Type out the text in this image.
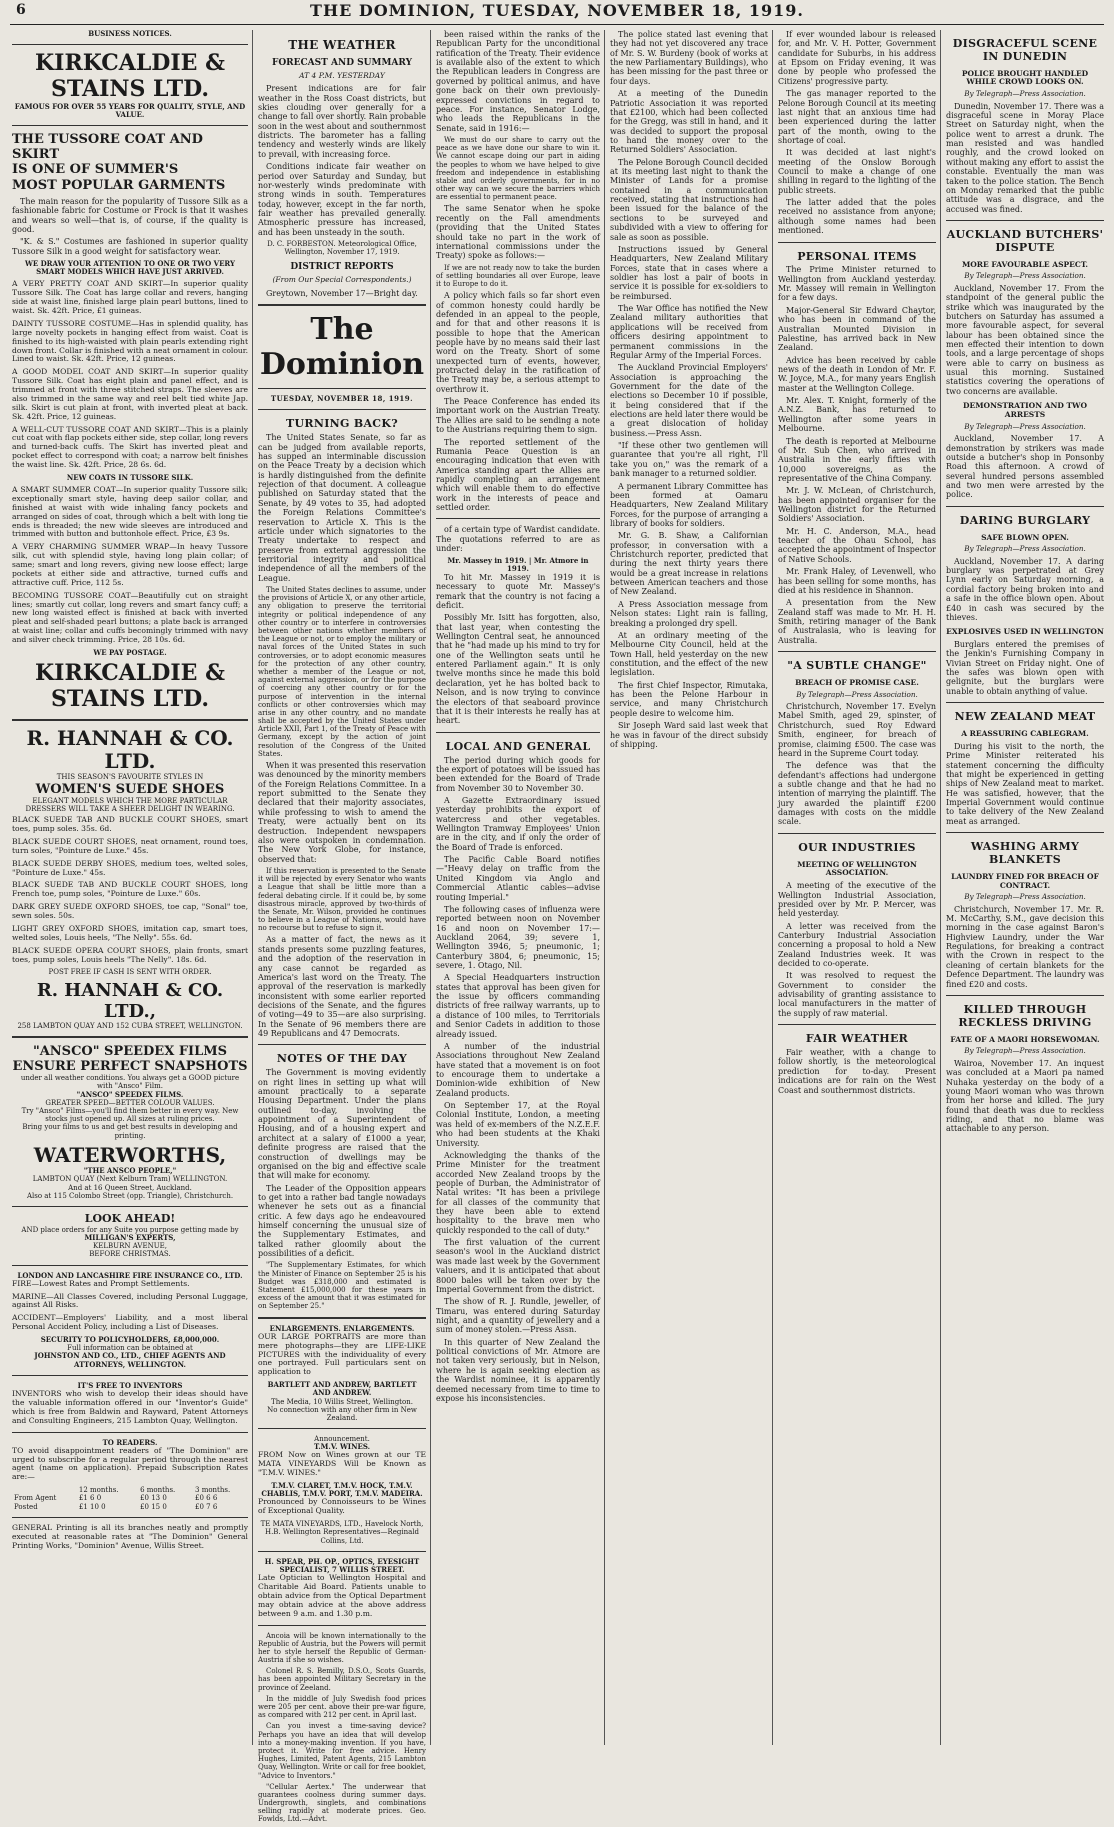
6	THE DOMINION, TUESDAY, NOVEMBER 18, 1919.
BUSINESS NOTICES.
KIRKCALDIE & STAINS LTD.
FAMOUS FOR OVER 55 YEARS FOR QUALITY, STYLE, AND VALUE.
THE TUSSORE COAT AND SKIRT
IS ONE OF SUMMER'S
MOST POPULAR GARMENTS

The main reason for the popularity of Tussore Silk as a fashionable fabric for Costume or Frock is that it washes and wears so well—that is, of course, if the quality is good.

"K. & S." Costumes are fashioned in superior quality Tussore Silk in a good weight for satisfactory wear.

WE DRAW YOUR ATTENTION TO ONE OR TWO VERY SMART MODELS WHICH HAVE JUST ARRIVED.
A VERY PRETTY COAT AND SKIRT—In superior quality Tussore Silk. The Coat has large collar and revers, hanging side at waist line, finished large plain pearl buttons, lined to waist. Sk. 42ft. Price, £1 guineas.
DAINTY TUSSORE COSTUME—Has in splendid quality, has large novelty pockets in hanging effect from waist. Coat is finished to its high-waisted with plain pearls extending right down front. Collar is finished with a neat ornament in colour. Lined to waist. Sk. 42ft. Price, 12 guineas.
A GOOD MODEL COAT AND SKIRT—In superior quality Tussore Silk. Coat has eight plain and panel effect, and is trimmed at front with three stitched straps. The sleeves are also trimmed in the same way and reel belt tied white Jap. silk. Skirt is cut plain at front, with inverted pleat at back. Sk. 42ft. Price, 12 guineas.
A WELL-CUT TUSSORE COAT AND SKIRT—This is a plainly cut coat with flap pockets either side, step collar, long revers and turned-back cuffs. The Skirt has inverted pleat and pocket effect to correspond with coat; a narrow belt finishes the waist line. Sk. 42ft. Price, 28 6s. 6d.
NEW COATS IN TUSSORE SILK.
A SMART SUMMER COAT—In superior quality Tussore silk; exceptionally smart style, having deep sailor collar, and finished at waist with wide inhaling fancy pockets and arranged on sides of coat, through which a belt with long tie ends is threaded; the new wide sleeves are introduced and trimmed with button and buttonhole effect. Price, £3 9s.
A VERY CHARMING SUMMER WRAP—In heavy Tussore silk, cut with splendid style, having long plain collar; of same; smart and long revers, giving new loose effect; large pockets at either side and attractive, turned cuffs and attractive cuff. Price, 112 5s.
BECOMING TUSSORE COAT—Beautifully cut on straight lines; smartly cut collar, long revers and smart fancy cuff; a new long waisted effect is finished at back with inverted pleat and self-shaded pearl buttons; a plate back is arranged at waist line; collar and cuffs becomingly trimmed with navy and silver check trimming. Price, 28 10s. 6d.
WE PAY POSTAGE.
KIRKCALDIE & STAINS LTD.
R. HANNAH & CO. LTD.
THIS SEASON'S FAVOURITE STYLES IN
WOMEN'S SUEDE SHOES
ELEGANT MODELS WHICH THE MORE PARTICULAR DRESSERS WILL TAKE A SHEER DELIGHT IN WEARING.
BLACK SUEDE TAB AND BUCKLE COURT SHOES, smart toes, pump soles. 35s. 6d.
BLACK SUEDE COURT SHOES, neat ornament, round toes, turn soles, "Pointure de Luxe." 45s.
BLACK SUEDE DERBY SHOES, medium toes, welted soles, "Pointure de Luxe." 45s.
BLACK SUEDE TAB AND BUCKLE COURT SHOES, long French toe, pump soles, "Pointure de Luxe." 60s.
DARK GREY SUEDE OXFORD SHOES, toe cap, "Sonal" toe, sewn soles. 50s.
LIGHT GREY OXFORD SHOES, imitation cap, smart toes, welted soles, Louis heels, "The Nelly". 55s. 6d.
BLACK SUEDE OPERA COURT SHOES, plain fronts, smart toes, pump soles, Louis heels "The Nelly". 18s. 6d.
POST FREE IF CASH IS SENT WITH ORDER.
R. HANNAH & CO. LTD.,
258 LAMBTON QUAY AND 152 CUBA STREET, WELLINGTON.
"ANSCO" SPEEDEX FILMS
ENSURE PERFECT SNAPSHOTS
under all weather conditions. You always get a GOOD picture with "Ansco" Film.
"ANSCO" SPEEDEX FILMS.
GREATER SPEED—BETTER COLOUR VALUES.
Try "Ansco" Films—you'll find them better in every way. New stocks just opened up. All sizes at ruling prices.
Bring your films to us and get best results in developing and printing.
WATERWORTHS,
"THE ANSCO PEOPLE,"
LAMBTON QUAY (Next Kelburn Tram) WELLINGTON.
And at 16 Queen Street, Auckland.
Also at 115 Colombo Street (opp. Triangle), Christchurch.
LOOK AHEAD!
AND place orders for any Suite you purpose getting made by
MILLIGAN'S EXPERTS,
KELBURN AVENUE,
BEFORE CHRISTMAS.
LONDON AND LANCASHIRE FIRE INSURANCE CO., LTD.
FIRE—Lowest Rates and Prompt Settlements.
MARINE—All Classes Covered, including Personal Luggage, against All Risks.
ACCIDENT—Employers' Liability, and a most liberal Personal Accident Policy, including a List of Diseases.
SECURITY TO POLICYHOLDERS, £8,000,000.
Full information can be obtained at
JOHNSTON AND CO., LTD., CHIEF AGENTS AND ATTORNEYS, WELLINGTON.
IT'S FREE TO INVENTORS
INVENTORS who wish to develop their ideas should have the valuable information offered in our "Inventor's Guide" which is free from Baldwin and Rayward, Patent Attorneys and Consulting Engineers, 215 Lambton Quay, Wellington.
TO READERS.
TO avoid disappointment readers of "The Dominion" are urged to subscribe for a regular period through the nearest agent (name on application). Prepaid Subscription Rates are:—
	12 months.	6 months.	3 months.
From Agent	£1 6 0	£0 13 0	£0 6 6
Posted	£1 10 0	£0 15 0	£0 7 6
GENERAL Printing is all its branches neatly and promptly executed at reasonable rates at "The Dominion" General Printing Works, "Dominion" Avenue, Willis Street.
THE WEATHER
FORECAST AND SUMMARY
AT 4 P.M. YESTERDAY

Present indications are for fair weather in the Ross Coast districts, but skies clouding over generally for a change to fall over shortly. Rain probable soon in the west about and southernmost districts. The barometer has a falling tendency and westerly winds are likely to prevail, with increasing force.

Conditions indicate fair weather on period over Saturday and Sunday, but nor-westerly winds predominate with strong winds in south. Temperatures today, however, except in the far north, fair weather has prevailed generally. Atmospheric pressure has increased, and has been unsteady in the south.

D. C. FORBESTON. Meteorological Office, Wellington, November 17, 1919.
DISTRICT REPORTS
(From Our Special Correspondents.)

Greytown, November 17—Bright day.

The Dominion
TUESDAY, NOVEMBER 18, 1919.
TURNING BACK?

The United States Senate, so far as can be judged from available reports, has supped an interminable discussion on the Peace Treaty by a decision which is hardly distinguished from the definite rejection of that document. A colleague published on Saturday stated that the Senate, by 49 votes to 35, had adopted the Foreign Relations Committee's reservation to Article X. This is the article under which signatories to the Treaty undertake to respect and preserve from external aggression the territorial integrity and political independence of all the members of the League.

The United States declines to assume, under the provisions of Article X, or any other article, any obligation to preserve the territorial integrity or political independence of any other country or to interfere in controversies between other nations whether members of the League or not, or to employ the military or naval forces of the United States in such controversies, or to adopt economic measures for the protection of any other country, whether a member of the League or not, against external aggression, or for the purpose of coercing any other country or for the purpose of intervention in the internal conflicts or other controversies which may arise in any other country, and no mandate shall be accepted by the United States under Article XXII, Part 1, of the Treaty of Peace with Germany, except by the action of joint resolution of the Congress of the United States.

When it was presented this reservation was denounced by the minority members of the Foreign Relations Committee. In a report submitted to the Senate they declared that their majority associates, while professing to wish to amend the Treaty, were actually bent on its destruction. Independent newspapers also were outspoken in condemnation. The New York Globe, for instance, observed that:

If this reservation is presented to the Senate it will be rejected by every Senator who wants a League that shall be little more than a federal debating circle. If it could be, by some disastrous miracle, approved by two-thirds of the Senate, Mr. Wilson, provided he continues to believe in a League of Nations, would have no recourse but to refuse to sign it.

As a matter of fact, the news as it stands presents some puzzling features, and the adoption of the reservation in any case cannot be regarded as America's last word on the Treaty. The approval of the reservation is markedly inconsistent with some earlier reported decisions of the Senate, and the figures of voting—49 to 35—are also surprising. In the Senate of 96 members there are 49 Republicans and 47 Democrats.

NOTES OF THE DAY

The Government is moving evidently on right lines in setting up what will amount practically to a separate Housing Department. Under the plans outlined to-day, involving the appointment of a Superintendent of Housing, and of a housing expert and architect at a salary of £1000 a year, definite progress are raised that the construction of dwellings may be organised on the big and effective scale that will make for economy.

The Leader of the Opposition appears to get into a rather bad tangle nowadays whenever he sets out as a financial critic. A few days ago he endeavoured himself concerning the unusual size of the Supplementary Estimates, and talked rather gloomily about the possibilities of a deficit.

"The Supplementary Estimates, for which the Minister of Finance on September 25 is his Budget was £318,000 and estimated is Statement £15,000,000 for these years in excess of the amount that it was estimated for on September 25."

ENLARGEMENTS. ENLARGEMENTS.
OUR LARGE PORTRAITS are more than mere photographs—they are LIFE-LIKE PICTURES with the individuality of every one portrayed. Full particulars sent on application to
BARTLETT AND ANDREW, BARTLETT AND ANDREW.
The Media, 10 Willis Street, Wellington.
No connection with any other firm in New Zealand.
Announcement.
T.M.V. WINES.
FROM Now on Wines grown at our TE MATA VINEYARDS Will be Known as "T.M.V. WINES."
T.M.V. CLARET, T.M.V. HOCK, T.M.V. CHABLIS, T.M.V. PORT, T.M.V. MADEIRA.
Pronounced by Connoisseurs to be Wines of Exceptional Quality.
TE MATA VINEYARDS, LTD., Havelock North, H.B. Wellington Representatives—Reginald Collins, Ltd.
H. SPEAR, PH. OP., OPTICS, EYESIGHT SPECIALIST, 7 WILLIS STREET.
Late Optician to Wellington Hospital and Charitable Aid Board. Patients unable to obtain advice from the Optical Department may obtain advice at the above address between 9 a.m. and 1.30 p.m.

Ancoia will be known internationally to the Republic of Austria, but the Powers will permit her to style herself the Republic of German-Austria if she so wishes.

Colonel R. S. Bemilly, D.S.O., Scots Guards, has been appointed Military Secretary in the province of Zeeland.

In the middle of July Swedish food prices were 205 per cent. above their pre-war figure, as compared with 212 per cent. in April last.

Can you invest a time-saving device? Perhaps you have an idea that will develop into a money-making invention. If you have, protect it. Write for free advice. Henry Hughes, Limited, Patent Agents, 215 Lambton Quay, Wellington. Write or call for free booklet, "Advice to Inventors."

"Cellular Aertex." The underwear that guarantees coolness during summer days. Undergrowth, singlets, and combinations selling rapidly at moderate prices. Geo. Fowlds, Ltd.—Advt.

been raised within the ranks of the Republican Party for the unconditional ratification of the Treaty. Their evidence is available also of the extent to which the Republican leaders in Congress are governed by political animus, and have gone back on their own previously-expressed convictions in regard to peace. For instance, Senator Lodge, who leads the Republicans in the Senate, said in 1916:—

We must do our share to carry out the peace as we have done our share to win it. We cannot escape doing our part in aiding the peoples to whom we have helped to give freedom and independence in establishing stable and orderly governments, for in no other way can we secure the barriers which are essential to permanent peace.

The same Senator when he spoke recently on the Fall amendments (providing that the United States should take no part in the work of international commissions under the Treaty) spoke as follows:—

If we are not ready now to take the burden of settling boundaries all over Europe, leave it to Europe to do it.

A policy which fails so far short even of common honesty could hardly be defended in an appeal to the people, and for that and other reasons it is possible to hope that the American people have by no means said their last word on the Treaty. Short of some unexpected turn of events, however, protracted delay in the ratification of the Treaty may be, a serious attempt to overthrow it.

The Peace Conference has ended its important work on the Austrian Treaty. The Allies are said to be sending a note to the Austrians requiring them to sign.

The reported settlement of the Rumania Peace Question is an encouraging indication that even with America standing apart the Allies are rapidly completing an arrangement which will enable them to do effective work in the interests of peace and settled order.

of a certain type of Wardist candidate. The quotations referred to are as under:

Mr. Massey in 1919. | Mr. Atmore in 1919.

To hit Mr. Massey in 1919 it is necessary to quote Mr. Massey's remark that the country is not facing a deficit.

Possibly Mr. Isitt has forgotten, also, that last year, when contesting the Wellington Central seat, he announced that he "had made up his mind to try for one of the Wellington seats until he entered Parliament again." It is only twelve months since he made this bold declaration, yet he has bolted back to Nelson, and is now trying to convince the electors of that seaboard province that it is their interests he really has at heart.

LOCAL AND GENERAL

The period during which goods for the export of potatoes will be issued has been extended for the Board of Trade from November 30 to November 30.

A Gazette Extraordinary issued yesterday prohibits the export of watercress and other vegetables. Wellington Tramway Employees' Union are in the city, and if only the order of the Board of Trade is enforced.

The Pacific Cable Board notifies—"Heavy delay on traffic from the United Kingdom via Anglo and Commercial Atlantic cables—advise routing Imperial."

The following cases of influenza were reported between noon on November 16 and noon on November 17:—Auckland 2064, 39; severe 1, Wellington 3946, 5; pneumonic, 1; Canterbury 3804, 6; pneumonic, 15; severe, 1. Otago, Nil.

A Special Headquarters instruction states that approval has been given for the issue by officers commanding districts of free railway warrants, up to a distance of 100 miles, to Territorials and Senior Cadets in addition to those already issued.

A number of the industrial Associations throughout New Zealand have stated that a movement is on foot to encourage them to undertake a Dominion-wide exhibition of New Zealand products.

On September 17, at the Royal Colonial Institute, London, a meeting was held of ex-members of the N.Z.E.F. who had been students at the Khaki University.

Acknowledging the thanks of the Prime Minister for the treatment accorded New Zealand troops by the people of Durban, the Administrator of Natal writes: "It has been a privilege for all classes of the community that they have been able to extend hospitality to the brave men who quickly responded to the call of duty."

The first valuation of the current season's wool in the Auckland district was made last week by the Government valuers, and it is anticipated that about 8000 bales will be taken over by the Imperial Government from the district.

The show of R. J. Rundle, jeweller, of Timaru, was entered during Saturday night, and a quantity of jewellery and a sum of money stolen.—Press Assn.

In this quarter of New Zealand the political convictions of Mr. Atmore are not taken very seriously, but in Nelson, where he is again seeking election as the Wardist nominee, it is apparently deemed necessary from time to time to expose his inconsistencies.

The police stated last evening that they had not yet discovered any trace of Mr. S. W. Burdeny (book of works at the new Parliamentary Buildings), who has been missing for the past three or four days.

At a meeting of the Dunedin Patriotic Association it was reported that £2100, which had been collected for the Gregg, was still in hand, and it was decided to support the proposal to hand the money over to the Returned Soldiers' Association.

The Pelone Borough Council decided at its meeting last night to thank the Minister of Lands for a promise contained in a communication received, stating that instructions had been issued for the balance of the sections to be surveyed and subdivided with a view to offering for sale as soon as possible.

Instructions issued by General Headquarters, New Zealand Military Forces, state that in cases where a soldier has lost a pair of boots in service it is possible for ex-soldiers to be reimbursed.

The War Office has notified the New Zealand military authorities that applications will be received from officers desiring appointment to permanent commissions in the Regular Army of the Imperial Forces.

The Auckland Provincial Employers' Association is approaching the Government for the date of the elections so December 10 if possible, it being considered that if the elections are held later there would be a great dislocation of holiday business.—Press Assn.

"If these other two gentlemen will guarantee that you're all right, I'll take you on," was the remark of a bank manager to a returned soldier.

A permanent Library Committee has been formed at Oamaru Headquarters, New Zealand Military Forces, for the purpose of arranging a library of books for soldiers.

Mr. G. B. Shaw, a Californian professor, in conversation with a Christchurch reporter, predicted that during the next thirty years there would be a great increase in relations between American teachers and those of New Zealand.

A Press Association message from Nelson states: Light rain is falling, breaking a prolonged dry spell.

At an ordinary meeting of the Melbourne City Council, held at the Town Hall, held yesterday on the new constitution, and the effect of the new legislation.

The first Chief Inspector, Rimutaka, has been the Pelone Harbour in service, and many Christchurch people desire to welcome him.

Sir Joseph Ward said last week that he was in favour of the direct subsidy of shipping.

If ever wounded labour is released for, and Mr. V. H. Potter, Government candidate for Suburbs, in his address at Epsom on Friday evening, it was done by people who professed the Citizens' progressive party.

The gas manager reported to the Pelone Borough Council at its meeting last night that an anxious time had been experienced during the latter part of the month, owing to the shortage of coal.

It was decided at last night's meeting of the Onslow Borough Council to make a change of one shilling in regard to the lighting of the public streets.

The latter added that the poles received no assistance from anyone; although some names had been mentioned.

PERSONAL ITEMS

The Prime Minister returned to Wellington from Auckland yesterday. Mr. Massey will remain in Wellington for a few days.

Major-General Sir Edward Chaytor, who has been in command of the Australian Mounted Division in Palestine, has arrived back in New Zealand.

Advice has been received by cable news of the death in London of Mr. F. W. Joyce, M.A., for many years English master at the Wellington College.

Mr. Alex. T. Knight, formerly of the A.N.Z. Bank, has returned to Wellington after some years in Melbourne.

The death is reported at Melbourne of Mr. Sub Chen, who arrived in Australia in the early fifties with 10,000 sovereigns, as the representative of the China Company.

Mr. J. W. McLean, of Christchurch, has been appointed organiser for the Wellington district for the Returned Soldiers' Association.

Mr. H. C. Anderson, M.A., head teacher of the Ohau School, has accepted the appointment of Inspector of Native Schools.

Mr. Frank Haley, of Levenwell, who has been selling for some months, has died at his residence in Shannon.

A presentation from the New Zealand staff was made to Mr. H. H. Smith, retiring manager of the Bank of Australasia, who is leaving for Australia.

"A SUBTLE CHANGE"
BREACH OF PROMISE CASE.
By Telegraph—Press Association.

Christchurch, November 17. Evelyn Mabel Smith, aged 29, spinster, of Christchurch, sued Roy Edward Smith, engineer, for breach of promise, claiming £500. The case was heard in the Supreme Court today.

The defence was that the defendant's affections had undergone a subtle change and that he had no intention of marrying the plaintiff. The jury awarded the plaintiff £200 damages with costs on the middle scale.

OUR INDUSTRIES
MEETING OF WELLINGTON ASSOCIATION.

A meeting of the executive of the Wellington Industrial Association, presided over by Mr. P. Mercer, was held yesterday.

A letter was received from the Canterbury Industrial Association concerning a proposal to hold a New Zealand Industries week. It was decided to co-operate.

It was resolved to request the Government to consider the advisability of granting assistance to local manufacturers in the matter of the supply of raw material.

FAIR WEATHER

Fair weather, with a change to follow shortly, is the meteorological prediction for to-day. Present indications are for rain on the West Coast and southernmost districts.

DISGRACEFUL SCENE IN DUNEDIN
POLICE BROUGHT HANDLED WHILE CROWD LOOKS ON.
By Telegraph—Press Association.

Dunedin, November 17. There was a disgraceful scene in Moray Place Street on Saturday night, when the police went to arrest a drunk. The man resisted and was handled roughly, and the crowd looked on without making any effort to assist the constable. Eventually the man was taken to the police station. The Bench on Monday remarked that the public attitude was a disgrace, and the accused was fined.

AUCKLAND BUTCHERS' DISPUTE
MORE FAVOURABLE ASPECT.
By Telegraph—Press Association.

Auckland, November 17. From the standpoint of the general public the strike which was inaugurated by the butchers on Saturday has assumed a more favourable aspect, for several labour has been obtained since the men effected their intention to down tools, and a large percentage of shops were able to carry on business as usual this morning. Sustained statistics covering the operations of two concerns are available.

DEMONSTRATION AND TWO ARRESTS
By Telegraph—Press Association.

Auckland, November 17. A demonstration by strikers was made outside a butcher's shop in Ponsonby Road this afternoon. A crowd of several hundred persons assembled and two men were arrested by the police.

DARING BURGLARY
SAFE BLOWN OPEN.
By Telegraph—Press Association.

Auckland, November 17. A daring burglary was perpetrated at Grey Lynn early on Saturday morning, a cordial factory being broken into and a safe in the office blown open. About £40 in cash was secured by the thieves.

EXPLOSIVES USED IN WELLINGTON

Burglars entered the premises of the Jenkin's Furnishing Company in Vivian Street on Friday night. One of the safes was blown open with gelignite, but the burglars were unable to obtain anything of value.

NEW ZEALAND MEAT
A REASSURING CABLEGRAM.

During his visit to the north, the Prime Minister reiterated his statement concerning the difficulty that might be experienced in getting ships of New Zealand meat to market. He was satisfied, however, that the Imperial Government would continue to take delivery of the New Zealand meat as arranged.

WASHING ARMY BLANKETS
LAUNDRY FINED FOR BREACH OF CONTRACT.
By Telegraph—Press Association.

Christchurch, November 17. Mr. R. M. McCarthy, S.M., gave decision this morning in the case against Baron's Highview Laundry, under the War Regulations, for breaking a contract with the Crown in respect to the cleaning of certain blankets for the Defence Department. The laundry was fined £20 and costs.

KILLED THROUGH RECKLESS DRIVING
FATE OF A MAORI HORSEWOMAN.
By Telegraph—Press Association.

Wairoa, November 17. An inquest was concluded at a Maori pa named Nuhaka yesterday on the body of a young Maori woman who was thrown from her horse and killed. The jury found that death was due to reckless riding, and that no blame was attachable to any person.
